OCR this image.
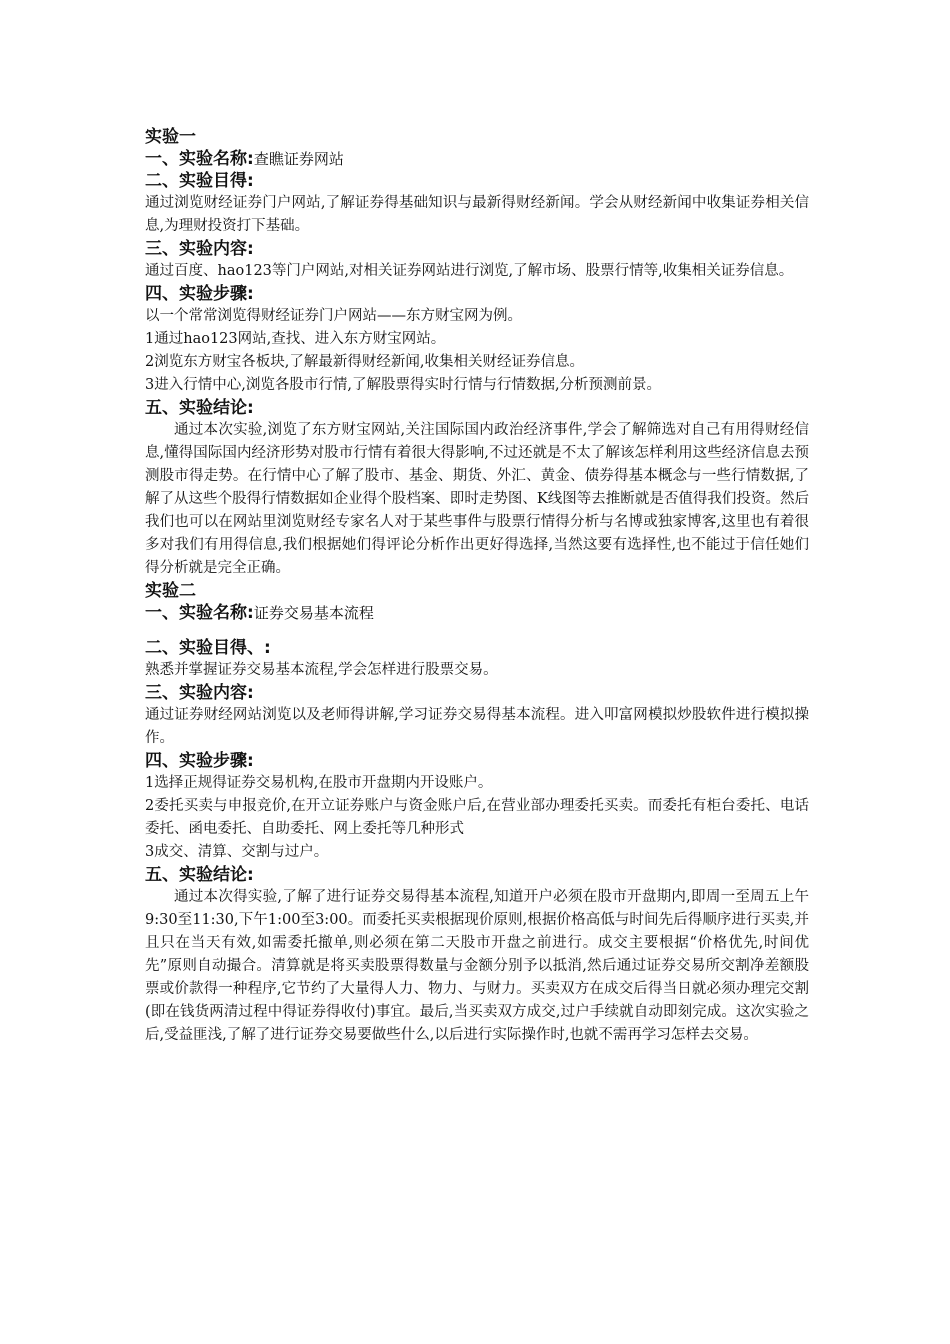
实验一
一、实验名称:查瞧证券网站
二、实验目得:

通过浏览财经证券门户网站,了解证券得基础知识与最新得财经新闻。学会从财经新闻中收集证券相关信息,为理财投资打下基础。

三、实验内容:

通过百度、hao123等门户网站,对相关证券网站进行浏览,了解市场、股票行情等,收集相关证券信息。

四、实验步骤:

以一个常常浏览得财经证券门户网站——东方财宝网为例。

1通过hao123网站,查找、进入东方财宝网站。

2浏览东方财宝各板块,了解最新得财经新闻,收集相关财经证券信息。

3进入行情中心,浏览各股市行情,了解股票得实时行情与行情数据,分析预测前景。

五、实验结论:

通过本次实验,浏览了东方财宝网站,关注国际国内政治经济事件,学会了解筛选对自己有用得财经信息,懂得国际国内经济形势对股市行情有着很大得影响,不过还就是不太了解该怎样利用这些经济信息去预测股市得走势。在行情中心了解了股市、基金、期货、外汇、黄金、债券得基本概念与一些行情数据,了解了从这些个股得行情数据如企业得个股档案、即时走势图、K线图等去推断就是否值得我们投资。然后我们也可以在网站里浏览财经专家名人对于某些事件与股票行情得分析与名博或独家博客,这里也有着很多对我们有用得信息,我们根据她们得评论分析作出更好得选择,当然这要有选择性,也不能过于信任她们得分析就是完全正确。

实验二
一、实验名称:证券交易基本流程
二、实验目得、:

熟悉并掌握证券交易基本流程,学会怎样进行股票交易。

三、实验内容:

通过证券财经网站浏览以及老师得讲解,学习证券交易得基本流程。进入叩富网模拟炒股软件进行模拟操作。

四、实验步骤:

1选择正规得证券交易机构,在股市开盘期内开设账户。

2委托买卖与申报竞价,在开立证券账户与资金账户后,在营业部办理委托买卖。而委托有柜台委托、电话委托、函电委托、自助委托、网上委托等几种形式

3成交、清算、交割与过户。

五、实验结论:

通过本次得实验,了解了进行证券交易得基本流程,知道开户必须在股市开盘期内,即周一至周五上午9:30至11:30,下午1:00至3:00。而委托买卖根据现价原则,根据价格高低与时间先后得顺序进行买卖,并且只在当天有效,如需委托撤单,则必须在第二天股市开盘之前进行。成交主要根据“价格优先,时间优先”原则自动撮合。清算就是将买卖股票得数量与金额分别予以抵消,然后通过证券交易所交割净差额股票或价款得一种程序,它节约了大量得人力、物力、与财力。买卖双方在成交后得当日就必须办理完交割(即在钱货两清过程中得证券得收付)事宜。最后,当买卖双方成交,过户手续就自动即刻完成。这次实验之后,受益匪浅,了解了进行证券交易要做些什么,以后进行实际操作时,也就不需再学习怎样去交易。
